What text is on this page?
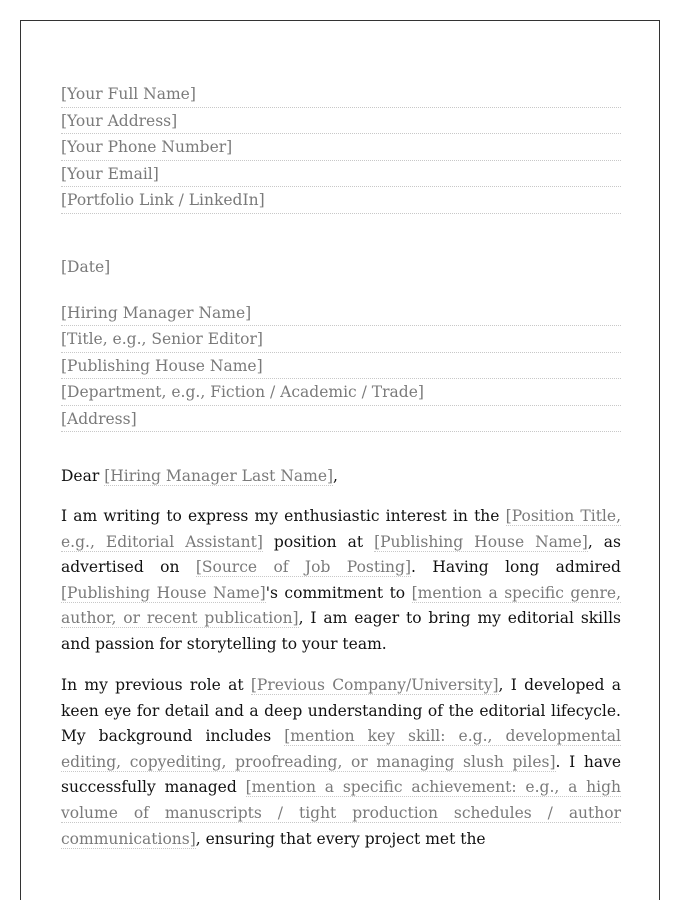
[Your Full Name]
[Your Address]
[Your Phone Number]
[Your Email]
[Portfolio Link / LinkedIn]
[Date]
[Hiring Manager Name]
[Title, e.g., Senior Editor]
[Publishing House Name]
[Department, e.g., Fiction / Academic / Trade]
[Address]
Dear [Hiring Manager Last Name],

I am writing to express my enthusiastic interest in the [Position Title, e.g., Editorial Assistant] position at [Publishing House Name], as advertised on [Source of Job Posting]. Having long admired [Publishing House Name]'s commitment to [mention a specific genre, author, or recent publication], I am eager to bring my editorial skills and passion for storytelling to your team.

In my previous role at [Previous Company/University], I developed a keen eye for detail and a deep understanding of the editorial lifecycle. My background includes [mention key skill: e.g., developmental editing, copyediting, proofreading, or managing slush piles]. I have successfully managed [mention a specific achievement: e.g., a high volume of manuscripts / tight production schedules / author communications], ensuring that every project met the
